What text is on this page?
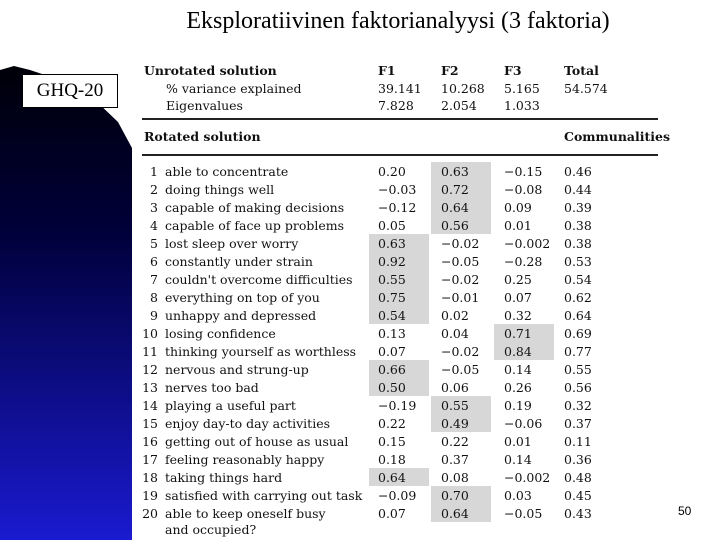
Eksploratiivinen faktorianalyysi (3 faktoria)
GHQ-20
Unrotated solution	F1	F2	F3	Total
% variance explained	39.141 10.268 5.165 54.574
Eigenvalues	7.828 2.054 1.033
Rotated solution	Communalities
1 able to concentrate	0.20	0.63	−0.15 0.46
2 doing things well	−0.03 0.72	−0.08 0.44
3 capable of making decisions	−0.12 0.64	0.09	0.39
4 capable of face up problems	0.05	0.56	0.01	0.38
5 lost sleep over worry	0.63	−0.02 −0.002 0.38
6 constantly under strain	0.92	−0.05 −0.28 0.53
7 couldn't overcome difficulties 0.55	−0.02 0.25	0.54
8 everything on top of you	0.75	−0.01 0.07	0.62
9 unhappy and depressed	0.54	0.02	0.32	0.64
10 losing confidence	0.13	0.04	0.71	0.69
11 thinking yourself as worthless 0.07	−0.02 0.84	0.77
12 nervous and strung-up	0.66	−0.05 0.14	0.55
13 nerves too bad	0.50	0.06	0.26	0.56
14 playing a useful part	−0.19 0.55	0.19	0.32
15 enjoy day-to day activities	0.22	0.49	−0.06 0.37
16 getting out of house as usual 0.15	0.22	0.01	0.11
17 feeling reasonably happy	0.18	0.37	0.14	0.36
18 taking things hard	0.64	0.08	−0.002 0.48
19 satisfied with carrying out task −0.09 0.70	0.03	0.45
20 able to keep oneself busy	0.07	0.64	−0.05 0.43
and occupied?
50
